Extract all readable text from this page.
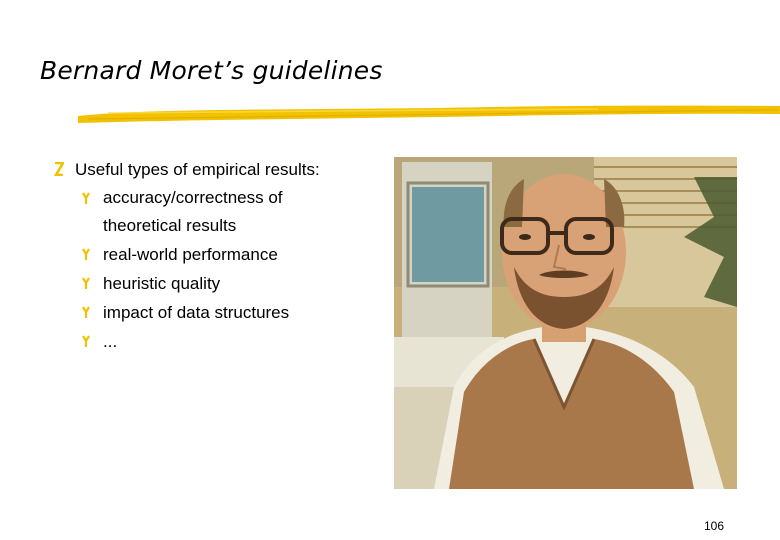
Bernard Moret’s guidelines
Useful types of empirical results:
accuracy/correctness of
theoretical results
real-world performance
heuristic quality
impact of data structures
...
106
